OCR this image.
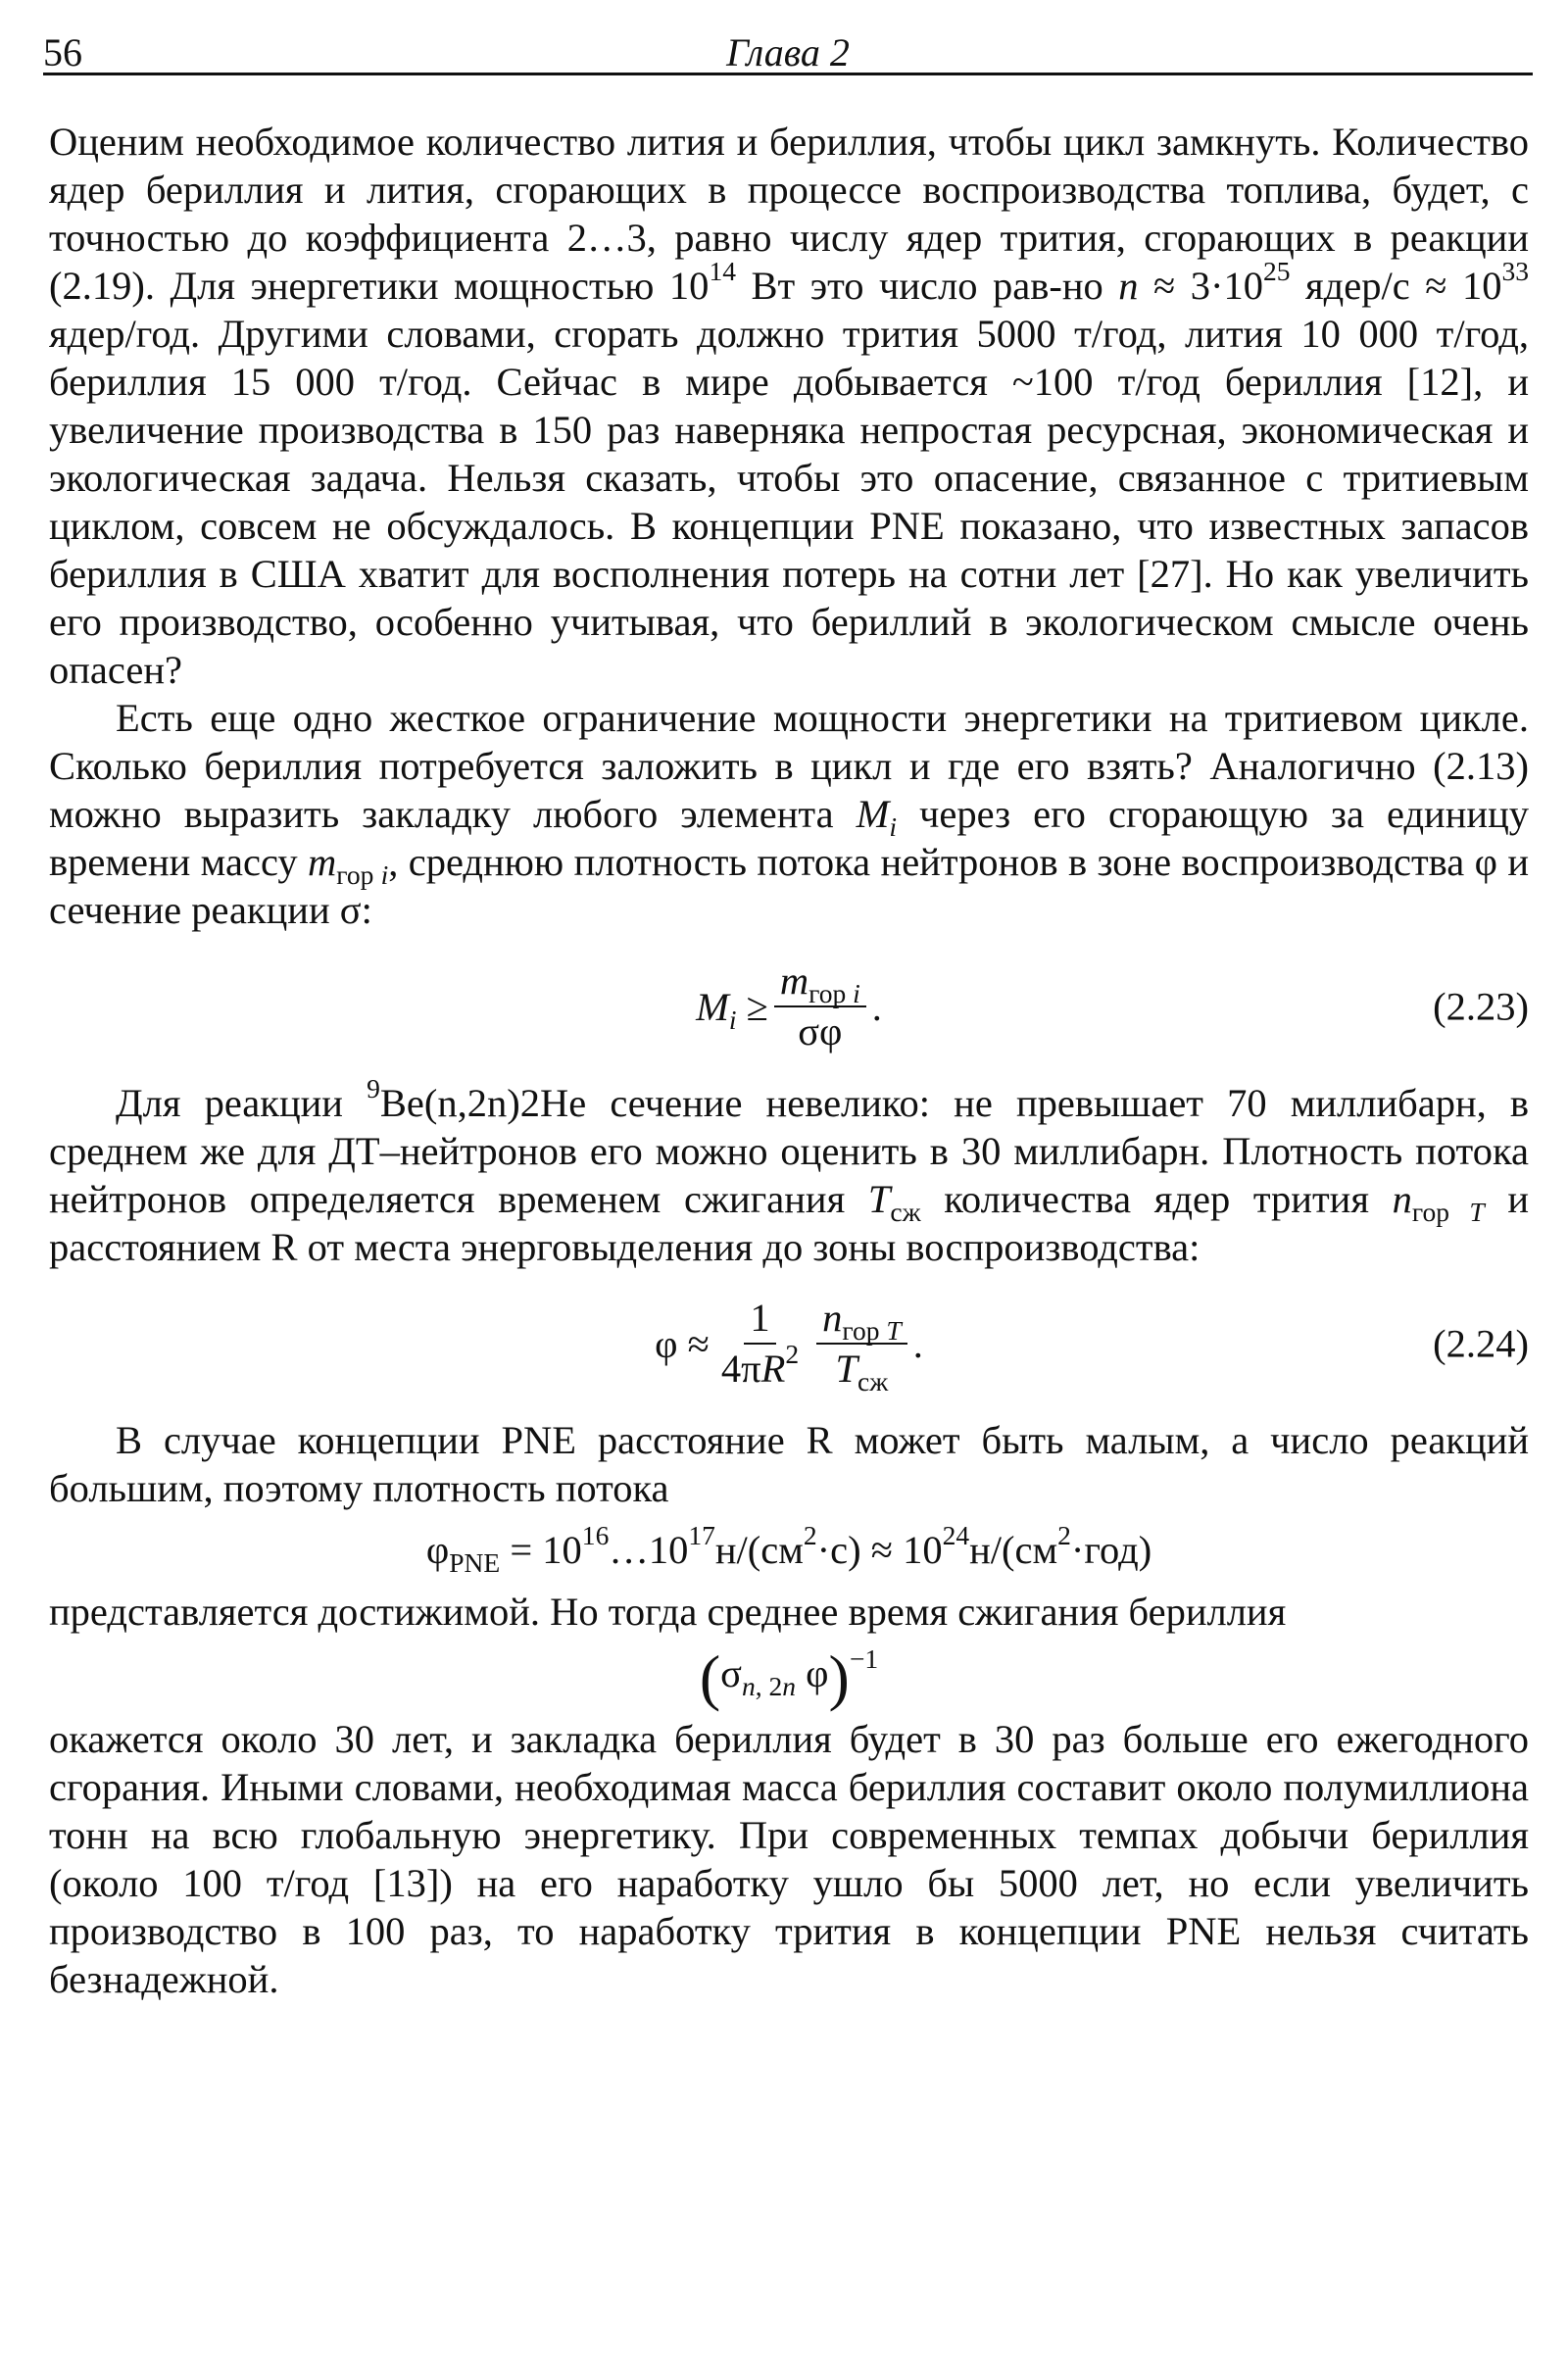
56	Глава 2

Оценим необходимое количество лития и бериллия, чтобы цикл замкнуть. Количество ядер бериллия и лития, сгорающих в процессе воспроизводства топлива, будет, с точностью до коэффициента 2…3, равно числу ядер трития, сгорающих в реакции (2.19). Для энергетики мощностью $10^{14}$ Вт это число рав-но $n \approx 3\cdot 10^{25}$ ядер/с ≈ $10^{33}$ ядер/год. Другими словами, сгорать должно трития 5000 т/год, лития 10 000 т/год, бериллия 15 000 т/год. Сейчас в мире добывается ~100 т/год бериллия [12], и увеличение производства в 150 раз наверняка непростая ресурсная, экономическая и экологическая задача. Нельзя сказать, чтобы это опасение, связанное с тритиевым циклом, совсем не обсуждалось. В концепции PNE показано, что известных запасов бериллия в США хватит для восполнения потерь на сотни лет [27]. Но как увеличить его производство, особенно учитывая, что бериллий в экологическом смысле очень опасен?

Есть еще одно жесткое ограничение мощности энергетики на тритиевом цикле. Сколько бериллия потребуется заложить в цикл и где его взять? Аналогично (2.13) можно выразить закладку любого элемента $M_i$ через его сгорающую за единицу времени массу $m_{гор i}$, среднюю плотность потока нейтронов в зоне воспроизводства φ и сечение реакции σ:

$M_i \ge \frac{m_{гор i}}{\sigma\varphi}$ .	(2.23)

Для реакции $^9$Be(n,2n)2He сечение невелико: не превышает 70 миллибарн, в среднем же для ДТ–нейтронов его можно оценить в 30 миллибарн. Плотность потока нейтронов определяется временем сжигания $T_{сж}$ количества ядер трития $n_{гор T}$ и расстоянием R от места энерговыделения до зоны воспроизводства:

$\varphi \approx \frac{1}{4\pi R^2} \frac{n_{гор T}}{T_{сж}}$ .	(2.24)

В случае концепции PNE расстояние R может быть малым, а число реакций большим, поэтому плотность потока

$\varphi_{PNE}$ = $10^{16}\dots 10^{17}н/(см^2\cdot с) \approx 10^{24}н/(см^2\cdot год)$

представляется достижимой. Но тогда среднее время сжигания бериллия

($\sigma_{n, 2n}$ φ)$^{-1}$

окажется около 30 лет, и закладка бериллия будет в 30 раз больше его ежегодного сгорания. Иными словами, необходимая масса бериллия составит около полумиллиона тонн на всю глобальную энергетику. При современных темпах добычи бериллия (около 100 т/год [13]) на его наработку ушло бы 5000 лет, но если увеличить производство в 100 раз, то наработку трития в концепции PNE нельзя считать безнадежной.
